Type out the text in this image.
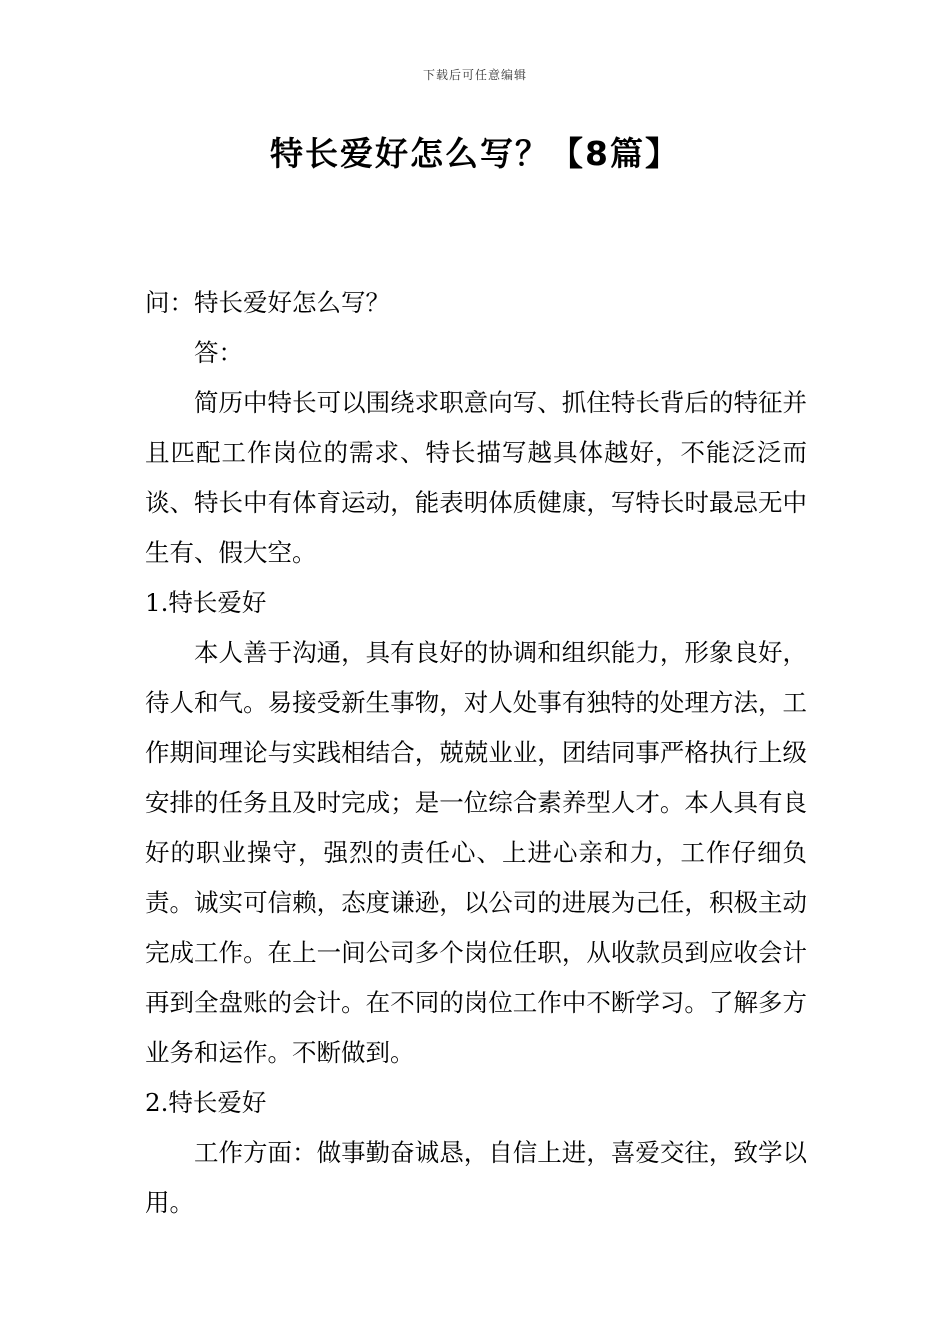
下载后可任意编辑
特长爱好怎么写？【8篇】

问：特长爱好怎么写？

答：

简历中特长可以围绕求职意向写、抓住特长背后的特征并且匹配工作岗位的需求、特长描写越具体越好，不能泛泛而谈、特长中有体育运动，能表明体质健康，写特长时最忌无中生有、假大空。

1.特长爱好

本人善于沟通，具有良好的协调和组织能力，形象良好，待人和气。易接受新生事物，对人处事有独特的处理方法，工作期间理论与实践相结合，兢兢业业，团结同事严格执行上级安排的任务且及时完成；是一位综合素养型人才。本人具有良好的职业操守，强烈的责任心、上进心亲和力，工作仔细负责。诚实可信赖，态度谦逊，以公司的进展为己任，积极主动完成工作。在上一间公司多个岗位任职，从收款员到应收会计再到全盘账的会计。在不同的岗位工作中不断学习。了解多方业务和运作。不断做到。

2.特长爱好

工作方面：做事勤奋诚恳，自信上进，喜爱交往，致学以用。
